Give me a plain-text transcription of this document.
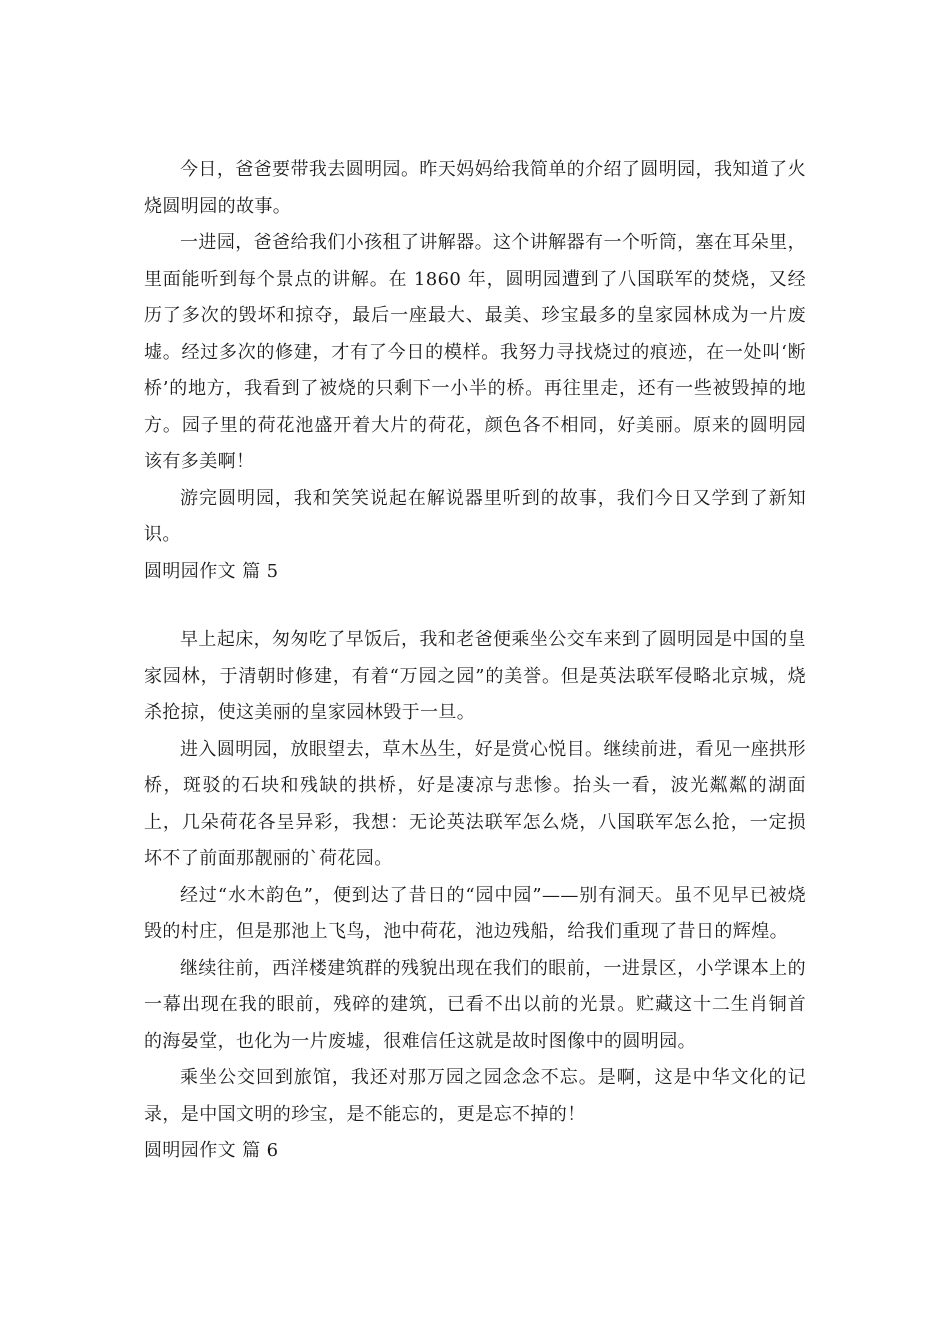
今日，爸爸要带我去圆明园。昨天妈妈给我简单的介绍了圆明园，我知道了火烧圆明园的故事。

一进园，爸爸给我们小孩租了讲解器。这个讲解器有一个听筒，塞在耳朵里，里面能听到每个景点的讲解。在 1860 年，圆明园遭到了八国联军的焚烧，又经历了多次的毁坏和掠夺，最后一座最大、最美、珍宝最多的皇家园林成为一片废墟。经过多次的修建，才有了今日的模样。我努力寻找烧过的痕迹，在一处叫‘断桥’的地方，我看到了被烧的只剩下一小半的桥。再往里走，还有一些被毁掉的地方。园子里的荷花池盛开着大片的荷花，颜色各不相同，好美丽。原来的圆明园该有多美啊！

游完圆明园，我和笑笑说起在解说器里听到的故事，我们今日又学到了新知识。

圆明园作文 篇 5

早上起床，匆匆吃了早饭后，我和老爸便乘坐公交车来到了圆明园是中国的皇家园林，于清朝时修建，有着“万园之园”的美誉。但是英法联军侵略北京城，烧杀抢掠，使这美丽的皇家园林毁于一旦。

进入圆明园，放眼望去，草木丛生，好是赏心悦目。继续前进，看见一座拱形桥，斑驳的石块和残缺的拱桥，好是凄凉与悲惨。抬头一看，波光粼粼的湖面上，几朵荷花各呈异彩，我想：无论英法联军怎么烧，八国联军怎么抢，一定损坏不了前面那靓丽的`荷花园。

经过“水木韵色”，便到达了昔日的“园中园”——别有洞天。虽不见早已被烧毁的村庄，但是那池上飞鸟，池中荷花，池边残船，给我们重现了昔日的辉煌。

继续往前，西洋楼建筑群的残貌出现在我们的眼前，一进景区，小学课本上的一幕出现在我的眼前，残碎的建筑，已看不出以前的光景。贮藏这十二生肖铜首的海晏堂，也化为一片废墟，很难信任这就是故时图像中的圆明园。

乘坐公交回到旅馆，我还对那万园之园念念不忘。是啊，这是中华文化的记录，是中国文明的珍宝，是不能忘的，更是忘不掉的！

圆明园作文 篇 6
